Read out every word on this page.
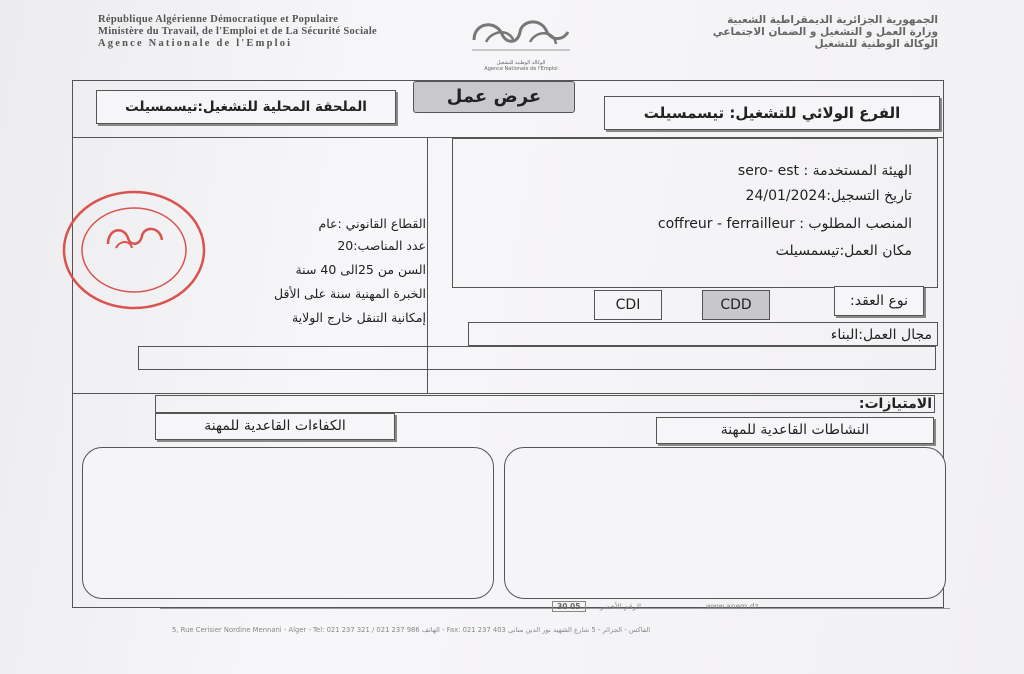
République Algérienne Démocratique et Populaire
Ministère du Travail, de l'Emploi et de La Sécurité Sociale
Agence Nationale de l'Emploi
الوكالة الوطنية للتشغيل
Agence Nationale de l'Emploi
الجمهورية الجزائرية الديمقراطية الشعبية
وزارة العمل و التشغيل و الضمان الاجتماعي
الوكالة الوطنية للتشغيل
عرض عمل
الملحقة المحلية للتشغيل:تيسمسيلت	الفرع الولائي للتشغيل: تيسمسيلت
الهيئة المستخدمة : sero- est
تاريخ التسجيل:24/01/2024
المنصب المطلوب : coffreur - ferrailleur
مكان العمل:تيسمسيلت
القطاع القانوني :عام
عدد المناصب:20
السن من 25الى 40 سنة
الخبرة المهنية سنة على الأقل
إمكانية التنقل خارج الولاية
CDI	CDD	نوع العقد:
مجال العمل:البناء
الامتيازات:
الكفاءات القاعدية للمهنة	النشاطات القاعدية للمهنة
www.anem.dz
الرقم الأخضر
30 05
5, Rue Cerisier Nordine Mennani - Alger - Tel: 021 237 321 / 021 237 986 الهاتف - Fax: 021 237 403 الفاكس - الجزائر - 5 شارع الشهيد نور الدين منانى
